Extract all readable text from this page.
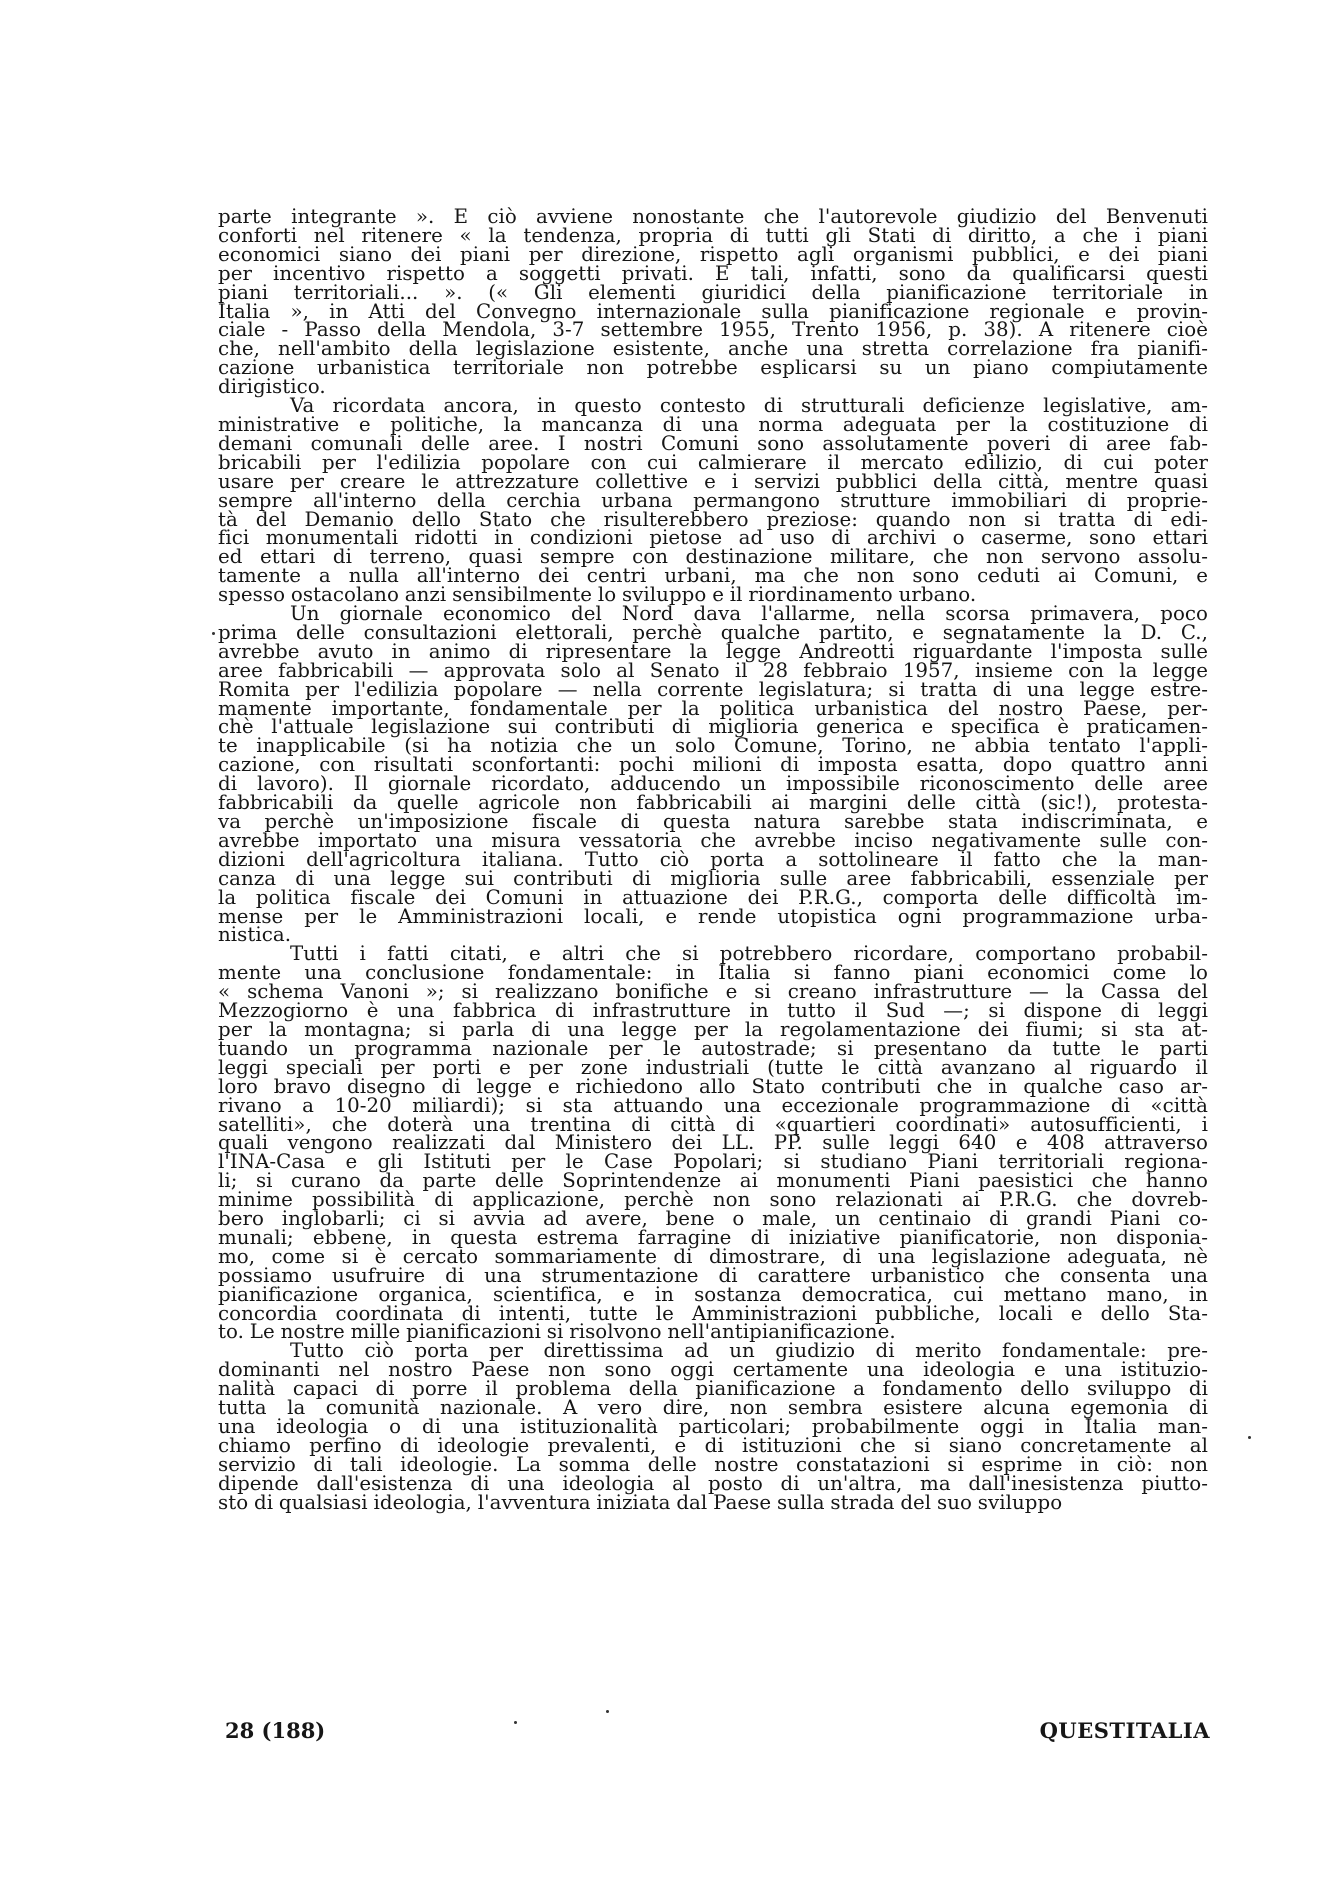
parte integrante ». E ciò avviene nonostante che l'autorevole giudizio del Benvenuti
conforti nel ritenere « la tendenza, propria di tutti gli Stati di diritto, a che i piani
economici siano dei piani per direzione, rispetto agli organismi pubblici, e dei piani
per incentivo rispetto a soggetti privati. E tali, infatti, sono da qualificarsi questi
piani territoriali... ». (« Gli elementi giuridici della pianificazione territoriale in
Italia », in Atti del Convegno internazionale sulla pianificazione regionale e provin-
ciale - Passo della Mendola, 3-7 settembre 1955, Trento 1956, p. 38). A ritenere cioè
che, nell'ambito della legislazione esistente, anche una stretta correlazione fra pianifi-
cazione urbanistica territoriale non potrebbe esplicarsi su un piano compiutamente
dirigistico.
Va ricordata ancora, in questo contesto di strutturali deficienze legislative, am-
ministrative e politiche, la mancanza di una norma adeguata per la costituzione di
demani comunali delle aree. I nostri Comuni sono assolutamente poveri di aree fab-
bricabili per l'edilizia popolare con cui calmierare il mercato edilizio, di cui poter
usare per creare le attrezzature collettive e i servizi pubblici della città, mentre quasi
sempre all'interno della cerchia urbana permangono strutture immobiliari di proprie-
tà del Demanio dello Stato che risulterebbero preziose: quando non si tratta di edi-
fici monumentali ridotti in condizioni pietose ad uso di archivi o caserme, sono ettari
ed ettari di terreno, quasi sempre con destinazione militare, che non servono assolu-
tamente a nulla all'interno dei centri urbani, ma che non sono ceduti ai Comuni, e
spesso ostacolano anzi sensibilmente lo sviluppo e il riordinamento urbano.
Un giornale economico del Nord dava l'allarme, nella scorsa primavera, poco
prima delle consultazioni elettorali, perchè qualche partito, e segnatamente la D. C.,
avrebbe avuto in animo di ripresentare la legge Andreotti riguardante l'imposta sulle
aree fabbricabili — approvata solo al Senato il 28 febbraio 1957, insieme con la legge
Romita per l'edilizia popolare — nella corrente legislatura; si tratta di una legge estre-
mamente importante, fondamentale per la politica urbanistica del nostro Paese, per-
chè l'attuale legislazione sui contributi di miglioria generica e specifica è praticamen-
te inapplicabile (si ha notizia che un solo Comune, Torino, ne abbia tentato l'appli-
cazione, con risultati sconfortanti: pochi milioni di imposta esatta, dopo quattro anni
di lavoro). Il giornale ricordato, adducendo un impossibile riconoscimento delle aree
fabbricabili da quelle agricole non fabbricabili ai margini delle città (sic!), protesta-
va perchè un'imposizione fiscale di questa natura sarebbe stata indiscriminata, e
avrebbe importato una misura vessatoria che avrebbe inciso negativamente sulle con-
dizioni dell'agricoltura italiana. Tutto ciò porta a sottolineare il fatto che la man-
canza di una legge sui contributi di miglioria sulle aree fabbricabili, essenziale per
la politica fiscale dei Comuni in attuazione dei P.R.G., comporta delle difficoltà im-
mense per le Amministrazioni locali, e rende utopistica ogni programmazione urba-
nistica.
Tutti i fatti citati, e altri che si potrebbero ricordare, comportano probabil-
mente una conclusione fondamentale: in Italia si fanno piani economici come lo
« schema Vanoni »; si realizzano bonifiche e si creano infrastrutture — la Cassa del
Mezzogiorno è una fabbrica di infrastrutture in tutto il Sud —; si dispone di leggi
per la montagna; si parla di una legge per la regolamentazione dei fiumi; si sta at-
tuando un programma nazionale per le autostrade; si presentano da tutte le parti
leggi speciali per porti e per zone industriali (tutte le città avanzano al riguardo il
loro bravo disegno di legge e richiedono allo Stato contributi che in qualche caso ar-
rivano a 10-20 miliardi); si sta attuando una eccezionale programmazione di «città
satelliti», che doterà una trentina di città di «quartieri coordinati» autosufficienti, i
quali vengono realizzati dal Ministero dei LL. PP. sulle leggi 640 e 408 attraverso
l'INA-Casa e gli Istituti per le Case Popolari; si studiano Piani territoriali regiona-
li; si curano da parte delle Soprintendenze ai monumenti Piani paesistici che hanno
minime possibilità di applicazione, perchè non sono relazionati ai P.R.G. che dovreb-
bero inglobarli; ci si avvia ad avere, bene o male, un centinaio di grandi Piani co-
munali; ebbene, in questa estrema farragine di iniziative pianificatorie, non disponia-
mo, come si è cercato sommariamente di dimostrare, di una legislazione adeguata, nè
possiamo usufruire di una strumentazione di carattere urbanistico che consenta una
pianificazione organica, scientifica, e in sostanza democratica, cui mettano mano, in
concordia coordinata di intenti, tutte le Amministrazioni pubbliche, locali e dello Sta-
to. Le nostre mille pianificazioni si risolvono nell'antipianificazione.
Tutto ciò porta per direttissima ad un giudizio di merito fondamentale: pre-
dominanti nel nostro Paese non sono oggi certamente una ideologia e una istituzio-
nalità capaci di porre il problema della pianificazione a fondamento dello sviluppo di
tutta la comunità nazionale. A vero dire, non sembra esistere alcuna egemonia di
una ideologia o di una istituzionalità particolari; probabilmente oggi in Italia man-
chiamo perfino di ideologie prevalenti, e di istituzioni che si siano concretamente al
servizio di tali ideologie. La somma delle nostre constatazioni si esprime in ciò: non
dipende dall'esistenza di una ideologia al posto di un'altra, ma dall'inesistenza piutto-
sto di qualsiasi ideologia, l'avventura iniziata dal Paese sulla strada del suo sviluppo
28 (188)	QUESTITALIA
